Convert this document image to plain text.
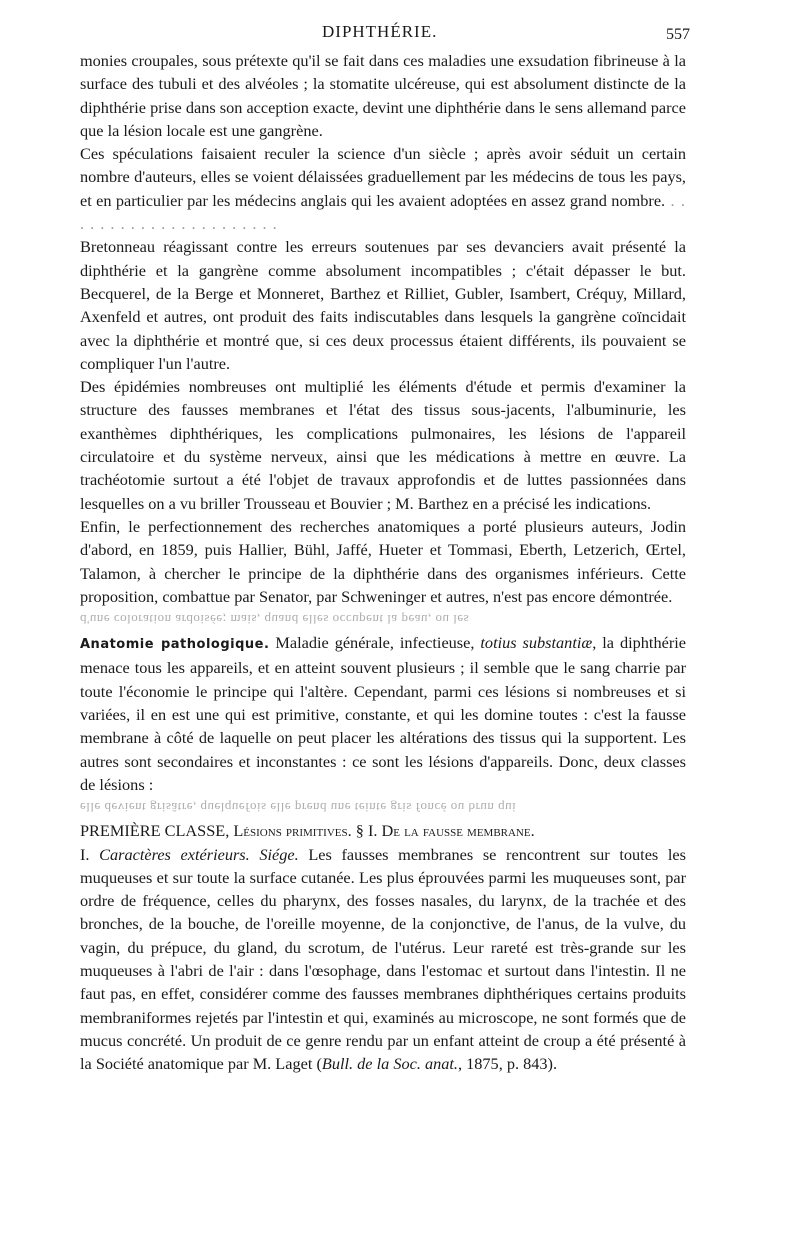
DIPHTHÉRIE.	557

monies croupales, sous prétexte qu'il se fait dans ces maladies une exsudation fibrineuse à la surface des tubuli et des alvéoles ; la stomatite ulcéreuse, qui est absolument distincte de la diphthérie prise dans son acception exacte, devint une diphthérie dans le sens allemand parce que la lésion locale est une gangrène.

Ces spéculations faisaient reculer la science d'un siècle ; après avoir séduit un certain nombre d'auteurs, elles se voient délaissées graduellement par les médecins de tous les pays, et en particulier par les médecins anglais qui les avaient adoptées en assez grand nombre. . . . . . . . . . . . . . . . . . . . . . .

Bretonneau réagissant contre les erreurs soutenues par ses devanciers avait présenté la diphthérie et la gangrène comme absolument incompatibles ; c'était dépasser le but. Becquerel, de la Berge et Monneret, Barthez et Rilliet, Gubler, Isambert, Créquy, Millard, Axenfeld et autres, ont produit des faits indiscutables dans lesquels la gangrène coïncidait avec la diphthérie et montré que, si ces deux processus étaient différents, ils pouvaient se compliquer l'un l'autre.

Des épidémies nombreuses ont multiplié les éléments d'étude et permis d'examiner la structure des fausses membranes et l'état des tissus sous-jacents, l'albuminurie, les exanthèmes diphthériques, les complications pulmonaires, les lésions de l'appareil circulatoire et du système nerveux, ainsi que les médications à mettre en œuvre. La trachéotomie surtout a été l'objet de travaux approfondis et de luttes passionnées dans lesquelles on a vu briller Trousseau et Bouvier ; M. Barthez en a précisé les indications.

Enfin, le perfectionnement des recherches anatomiques a porté plusieurs auteurs, Jodin d'abord, en 1859, puis Hallier, Bühl, Jaffé, Hueter et Tommasi, Eberth, Letzerich, Œrtel, Talamon, à chercher le principe de la diphthérie dans des organismes inférieurs. Cette proposition, combattue par Senator, par Schweninger et autres, n'est pas encore démontrée.

d'une coloration ardoisée; mais, quand elles occupent la peau, ou les

Anatomie pathologique. Maladie générale, infectieuse, totius substantiæ, la diphthérie menace tous les appareils, et en atteint souvent plusieurs ; il semble que le sang charrie par toute l'économie le principe qui l'altère. Cependant, parmi ces lésions si nombreuses et si variées, il en est une qui est primitive, constante, et qui les domine toutes : c'est la fausse membrane à côté de laquelle on peut placer les altérations des tissus qui la supportent. Les autres sont secondaires et inconstantes : ce sont les lésions d'appareils. Donc, deux classes de lésions :

elle devient grisâtre, quelquefois elle prend une teinte gris foncé ou brun qui

PREMIÈRE CLASSE, Lésions primitives. § I. De la fausse membrane.
I. Caractères extérieurs. Siége. Les fausses membranes se rencontrent sur toutes les muqueuses et sur toute la surface cutanée. Les plus éprouvées parmi les muqueuses sont, par ordre de fréquence, celles du pharynx, des fosses nasales, du larynx, de la trachée et des bronches, de la bouche, de l'oreille moyenne, de la conjonctive, de l'anus, de la vulve, du vagin, du prépuce, du gland, du scrotum, de l'utérus. Leur rareté est très-grande sur les muqueuses à l'abri de l'air : dans l'œsophage, dans l'estomac et surtout dans l'intestin. Il ne faut pas, en effet, considérer comme des fausses membranes diphthériques certains produits membraniformes rejetés par l'intestin et qui, examinés au microscope, ne sont formés que de mucus concrété. Un produit de ce genre rendu par un enfant atteint de croup a été présenté à la Société anatomique par M. Laget (Bull. de la Soc. anat., 1875, p. 843).
